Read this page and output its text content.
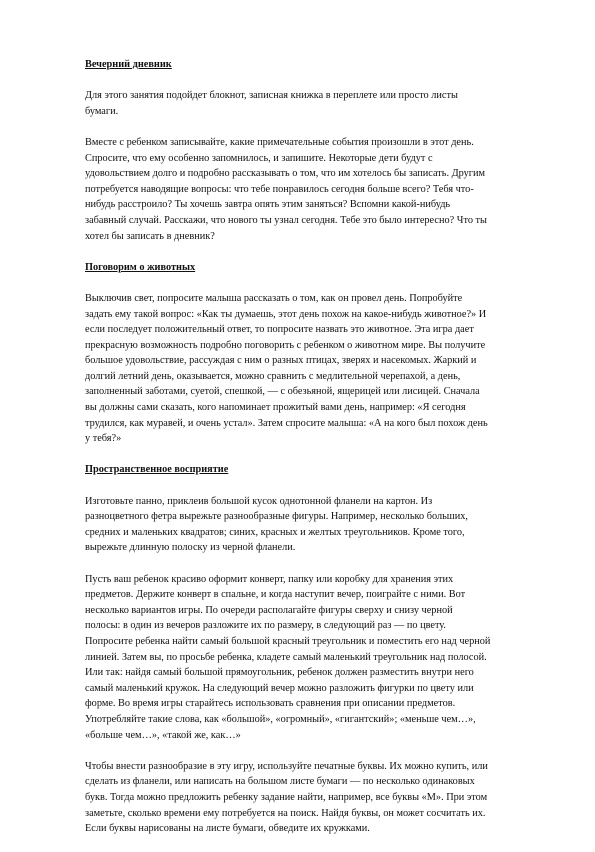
Вечерний дневник
Для этого занятия подойдет блокнот, записная книжка в переплете или просто листы
бумаги.
Вместе с ребенком записывайте, какие примечательные события произошли в этот день.
Спросите, что ему особенно запомнилось, и запишите. Некоторые дети будут с
удовольствием долго и подробно рассказывать о том, что им хотелось бы записать. Другим
потребуется наводящие вопросы: что тебе понравилось сегодня больше всего? Тебя что-
нибудь расстроило? Ты хочешь завтра опять этим заняться? Вспомни какой-нибудь
забавный случай. Расскажи, что нового ты узнал сегодня. Тебе это было интересно? Что ты
хотел бы записать в дневник?
Поговорим о животных
Выключив свет, попросите малыша рассказать о том, как он провел день. Попробуйте
задать ему такой вопрос: «Как ты думаешь, этот день похож на какое-нибудь животное?» И
если последует положительный ответ, то попросите назвать это животное. Эта игра дает
прекрасную возможность подробно поговорить с ребенком о животном мире. Вы получите
большое удовольствие, рассуждая с ним о разных птицах, зверях и насекомых. Жаркий и
долгий летний день, оказывается, можно сравнить с медлительной черепахой, а день,
заполненный заботами, суетой, спешкой, — с обезьяной, ящерицей или лисицей. Сначала
вы должны сами сказать, кого напоминает прожитый вами день, например: «Я сегодня
трудился, как муравей, и очень устал». Затем спросите малыша: «А на кого был похож день
у тебя?»
Пространственное восприятие
Изготовьте панно, приклеив большой кусок однотонной фланели на картон. Из
разноцветного фетра вырежьте разнообразные фигуры. Например, несколько больших,
средних и маленьких квадратов; синих, красных и желтых треугольников. Кроме того,
вырежьте длинную полоску из черной фланели.
Пусть ваш ребенок красиво оформит конверт, папку или коробку для хранения этих
предметов. Держите конверт в спальне, и когда наступит вечер, поиграйте с ними. Вот
несколько вариантов игры. По очереди располагайте фигуры сверху и снизу черной
полосы: в один из вечеров разложите их по размеру, в следующий раз — по цвету.
Попросите ребенка найти самый большой красный треугольник и поместить его над черной
линией. Затем вы, по просьбе ребенка, кладете самый маленький треугольник над полосой.
Или так: найдя самый большой прямоугольник, ребенок должен разместить внутри него
самый маленький кружок. На следующий вечер можно разложить фигурки по цвету или
форме. Во время игры старайтесь использовать сравнения при описании предметов.
Употребляйте такие слова, как «большой», «огромный», «гигантский»; «меньше чем…»,
«больше чем…», «такой же, как…»
Чтобы внести разнообразие в эту игру, используйте печатные буквы. Их можно купить, или
сделать из фланели, или написать на большом листе бумаги — по несколько одинаковых
букв. Тогда можно предложить ребенку задание найти, например, все буквы «М». При этом
заметьте, сколько времени ему потребуется на поиск. Найдя буквы, он может сосчитать их.
Если буквы нарисованы на листе бумаги, обведите их кружками.
